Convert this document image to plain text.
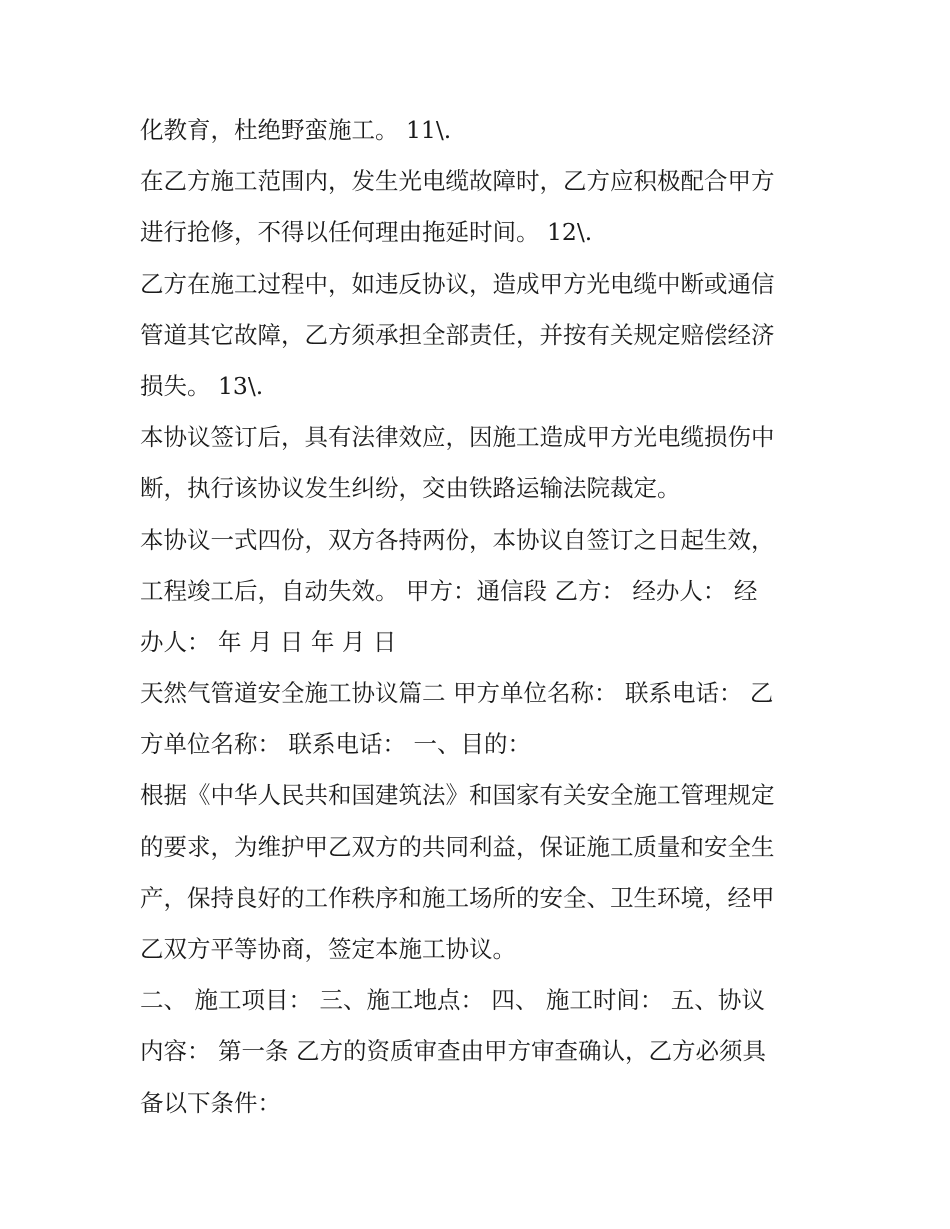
化教育，杜绝野蛮施工。 11\.
在乙方施工范围内，发生光电缆故障时，乙方应积极配合甲方
进行抢修，不得以任何理由拖延时间。 12\.
乙方在施工过程中，如违反协议，造成甲方光电缆中断或通信
管道其它故障，乙方须承担全部责任，并按有关规定赔偿经济
损失。 13\.
本协议签订后，具有法律效应，因施工造成甲方光电缆损伤中
断，执行该协议发生纠纷，交由铁路运输法院裁定。
本协议一式四份，双方各持两份，本协议自签订之日起生效，
工程竣工后，自动失效。 甲方：通信段 乙方： 经办人： 经
办人： 年 月 日 年 月 日
天然气管道安全施工协议篇二 甲方单位名称： 联系电话： 乙
方单位名称： 联系电话： 一、目的：
根据《中华人民共和国建筑法》和国家有关安全施工管理规定
的要求，为维护甲乙双方的共同利益，保证施工质量和安全生
产，保持良好的工作秩序和施工场所的安全、卫生环境，经甲
乙双方平等协商，签定本施工协议。
二、 施工项目： 三、施工地点： 四、 施工时间： 五、协议
内容： 第一条 乙方的资质审查由甲方审查确认，乙方必须具
备以下条件：
